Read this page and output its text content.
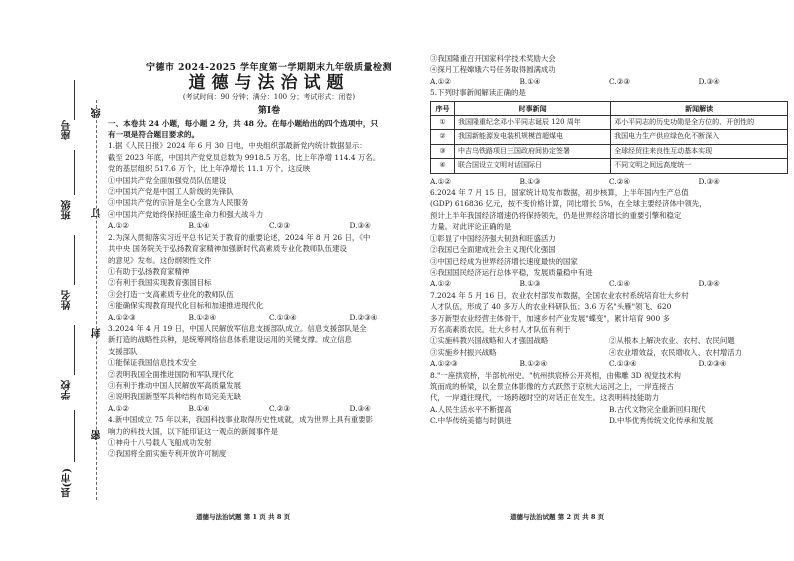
线
订
封
密
座号
班级
姓名
学校
县(市)
宁德市 2024-2025 学年度第一学期期末九年级质量检测
道德与法治试题
(考试时间：90 分钟；满分：100 分；考试形式：闭卷)
第Ⅰ卷

一、本卷共 24 小题，每小题 2 分，共 48 分。在每小题给出的四个选项中，只

有一项是符合题目要求的。

1.据《人民日报》2024 年 6 月 30 日电，中央组织部最新党内统计数据显示：

截至 2023 年底，中国共产党党员总数为 9918.5 万名，比上年净增 114.4 万名。

党的基层组织 517.6 万个，比上年净增长 11.1 万个。这反映

①中国共产党全面加强党员队伍建设

②中国共产党是中国工人阶级的先锋队

③中国共产党的宗旨是全心全意为人民服务

④中国共产党始终保持旺盛生命力和强大战斗力

A.①②	B.①④	C.②③	D.③④

2.为深入贯彻落实习近平总书记关于教育的重要论述，2024 年 8 月 26 日，《中

共中央 国务院关于弘扬教育家精神加强新时代高素质专业化教师队伍建设

的意见》发布。这份纲领性文件

①有助于弘扬教育家精神

②有利于我国实现教育强国目标

③会打造一支高素质专业化的教师队伍

④能确保实现教育现代化目标和加速推进现代化

A.①②③	B.①②④	C.①③④	D.②③④

3.2024 年 4 月 19 日，中国人民解放军信息支援部队成立。信息支援部队是全

新打造的战略性兵种，是统筹网络信息体系建设运用的关键支撑。成立信息

支援部队

①能保证我国信息技术安全

②表明我国全面推进国防和军队现代化

③有利于推动中国人民解放军高质量发展

④说明我国新型军兵种结构布局完美无缺

A.①②	B.①④	C.②③	D.③④

4.新中国成立 75 年以来，我国科技事业取得历史性成就，成为世界上具有重要影

响力的科技大国，以下能印证这一观点的新闻事件是

①神舟十八号载人飞船成功发射

②我国将全面实施专利开放许可制度

道德与法治试题 第 1 页 共 8 页

③我国隆重召开国家科学技术奖励大会

④探月工程嫦娥六号任务取得圆满成功

A.①②	B.①④	C.②③	D.③④

5.下列时事新闻解读正确的是

序号	时事新闻	新闻解读
①	我国隆重纪念邓小平同志诞辰 120 周年	邓小平同志的历史功勋是全方位的、开创性的
②	我国新能源发电装机规模首超煤电	我国电力生产供应绿色化不断深入
③	中吉乌铁路项目三国政府间协定签署	全球经贸往来良性互动基本实现
④	联合国设立文明对话国际日	不同文明之间远高度统一
A.①②	B.①③	C.②④	D.③④

6.2024 年 7 月 15 日，国家统计局发布数据，初步核算，上半年国内生产总值

(GDP) 616836 亿元，按不变价格计算，同比增长 5%，在全球主要经济体中领先，

预计上半年我国经济增速仍将保持领先，仍是世界经济增长的重要引擎和稳定

力量。对此评论正确的是

①彰显了中国经济强大韧劲和旺盛活力

②我国已全面建成社会主义现代化强国

③中国已经成为世界经济增长速度最快的国家

④我国国民经济运行总体平稳，发展质量稳中有进

A.①②	B.①③	C.①④	D.③④

7.2024 年 5 月 16 日，农业农村部发布数据，全国农业农村系统培育壮大乡村

人才队伍，形成了 40 多万人的农业科研队伍；3.6 万名"头雁"领飞、620

多万新型农业经营主体骨干，加速乡村产业发展"蝶变"，累计培育 900 多

万名高素质农民。壮大乡村人才队伍有利于

①实施科教兴国战略和人才强国战略	②从根本上解决农业、农村、农民问题
③实施乡村振兴战略	④农业增效益，农民增收入、农村增活力
A.①②③	B.①②④	C.①③④	D.②③④

8."一座拱宸桥，半部杭州史。"杭州拱宸桥公开亮相，由佛雕 3D 视觉技术构

筑而成的桥梁，以全景立体影像的方式跃然于京杭大运河之上，一岸连接古

代，一岸通往现代，一场跨越时空的对话正在发生。这表明科技能助力

A.人民生活水平不断提高	B.古代文物完全重新回归现代
C.中华传统美德与时俱进	D.中华优秀传统文化传承和发展
道德与法治试题 第 2 页 共 8 页
